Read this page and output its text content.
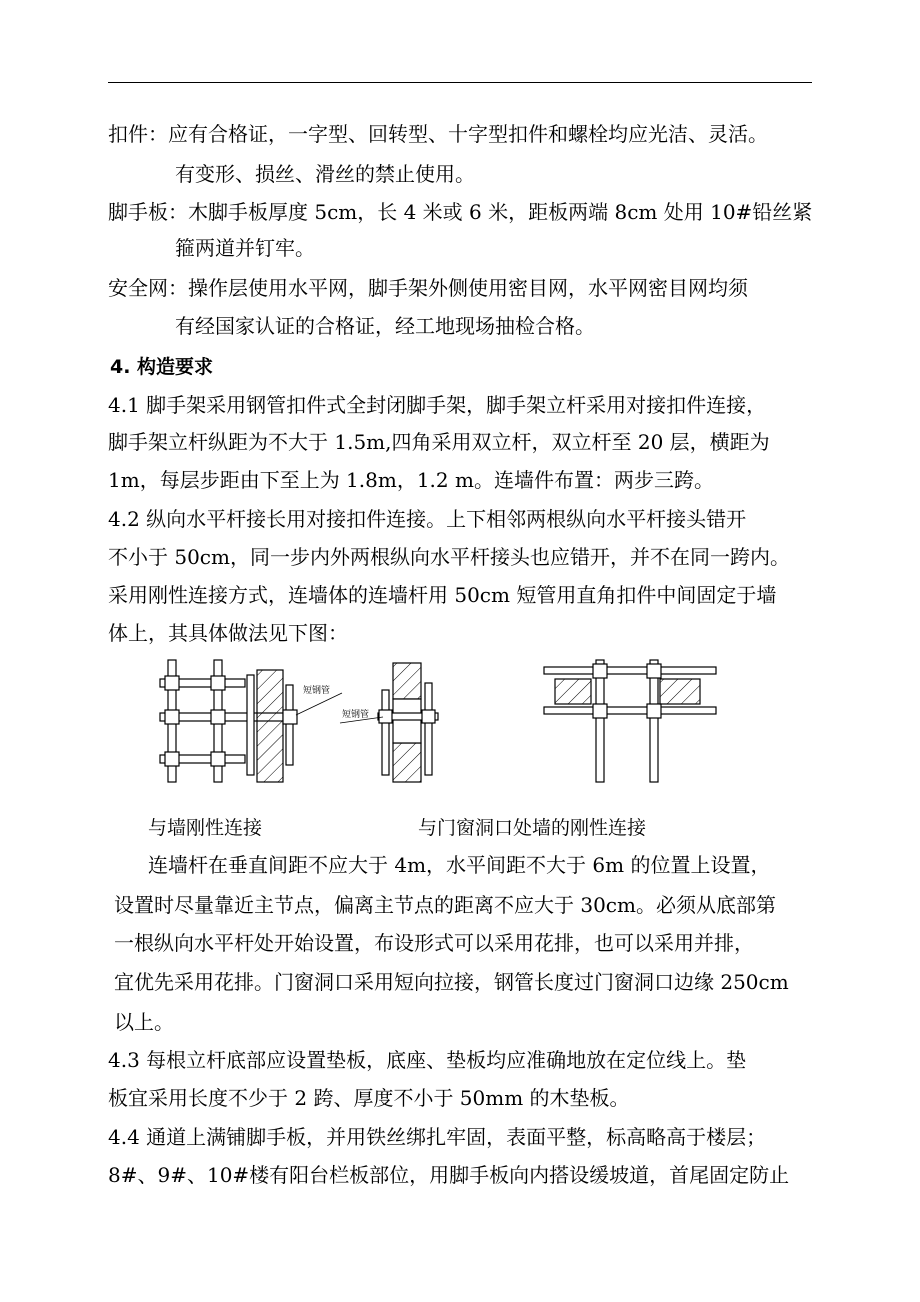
扣件：应有合格证，一字型、回转型、十字型扣件和螺栓均应光洁、灵活。
有变形、损丝、滑丝的禁止使用。
脚手板：木脚手板厚度 5cm，长 4 米或 6 米，距板两端 8cm 处用 10#铅丝紧
箍两道并钉牢。
安全网：操作层使用水平网，脚手架外侧使用密目网，水平网密目网均须
有经国家认证的合格证，经工地现场抽检合格。
4. 构造要求
4.1 脚手架采用钢管扣件式全封闭脚手架，脚手架立杆采用对接扣件连接，
脚手架立杆纵距为不大于 1.5m,四角采用双立杆，双立杆至 20 层，横距为
1m，每层步距由下至上为 1.8m，1.2 m。连墙件布置：两步三跨。
4.2 纵向水平杆接长用对接扣件连接。上下相邻两根纵向水平杆接头错开
不小于 50cm，同一步内外两根纵向水平杆接头也应错开，并不在同一跨内。
采用刚性连接方式，连墙体的连墙杆用 50cm 短管用直角扣件中间固定于墙
体上，其具体做法见下图：
短钢管
短钢管
与墙刚性连接	与门窗洞口处墙的刚性连接
连墙杆在垂直间距不应大于 4m，水平间距不大于 6m 的位置上设置，
设置时尽量靠近主节点，偏离主节点的距离不应大于 30cm。必须从底部第
一根纵向水平杆处开始设置，布设形式可以采用花排，也可以采用并排，
宜优先采用花排。门窗洞口采用短向拉接，钢管长度过门窗洞口边缘 250cm
以上。
4.3 每根立杆底部应设置垫板，底座、垫板均应准确地放在定位线上。垫
板宜采用长度不少于 2 跨、厚度不小于 50mm 的木垫板。
4.4 通道上满铺脚手板，并用铁丝绑扎牢固，表面平整，标高略高于楼层；
8#、9#、10#楼有阳台栏板部位，用脚手板向内搭设缓坡道，首尾固定防止
